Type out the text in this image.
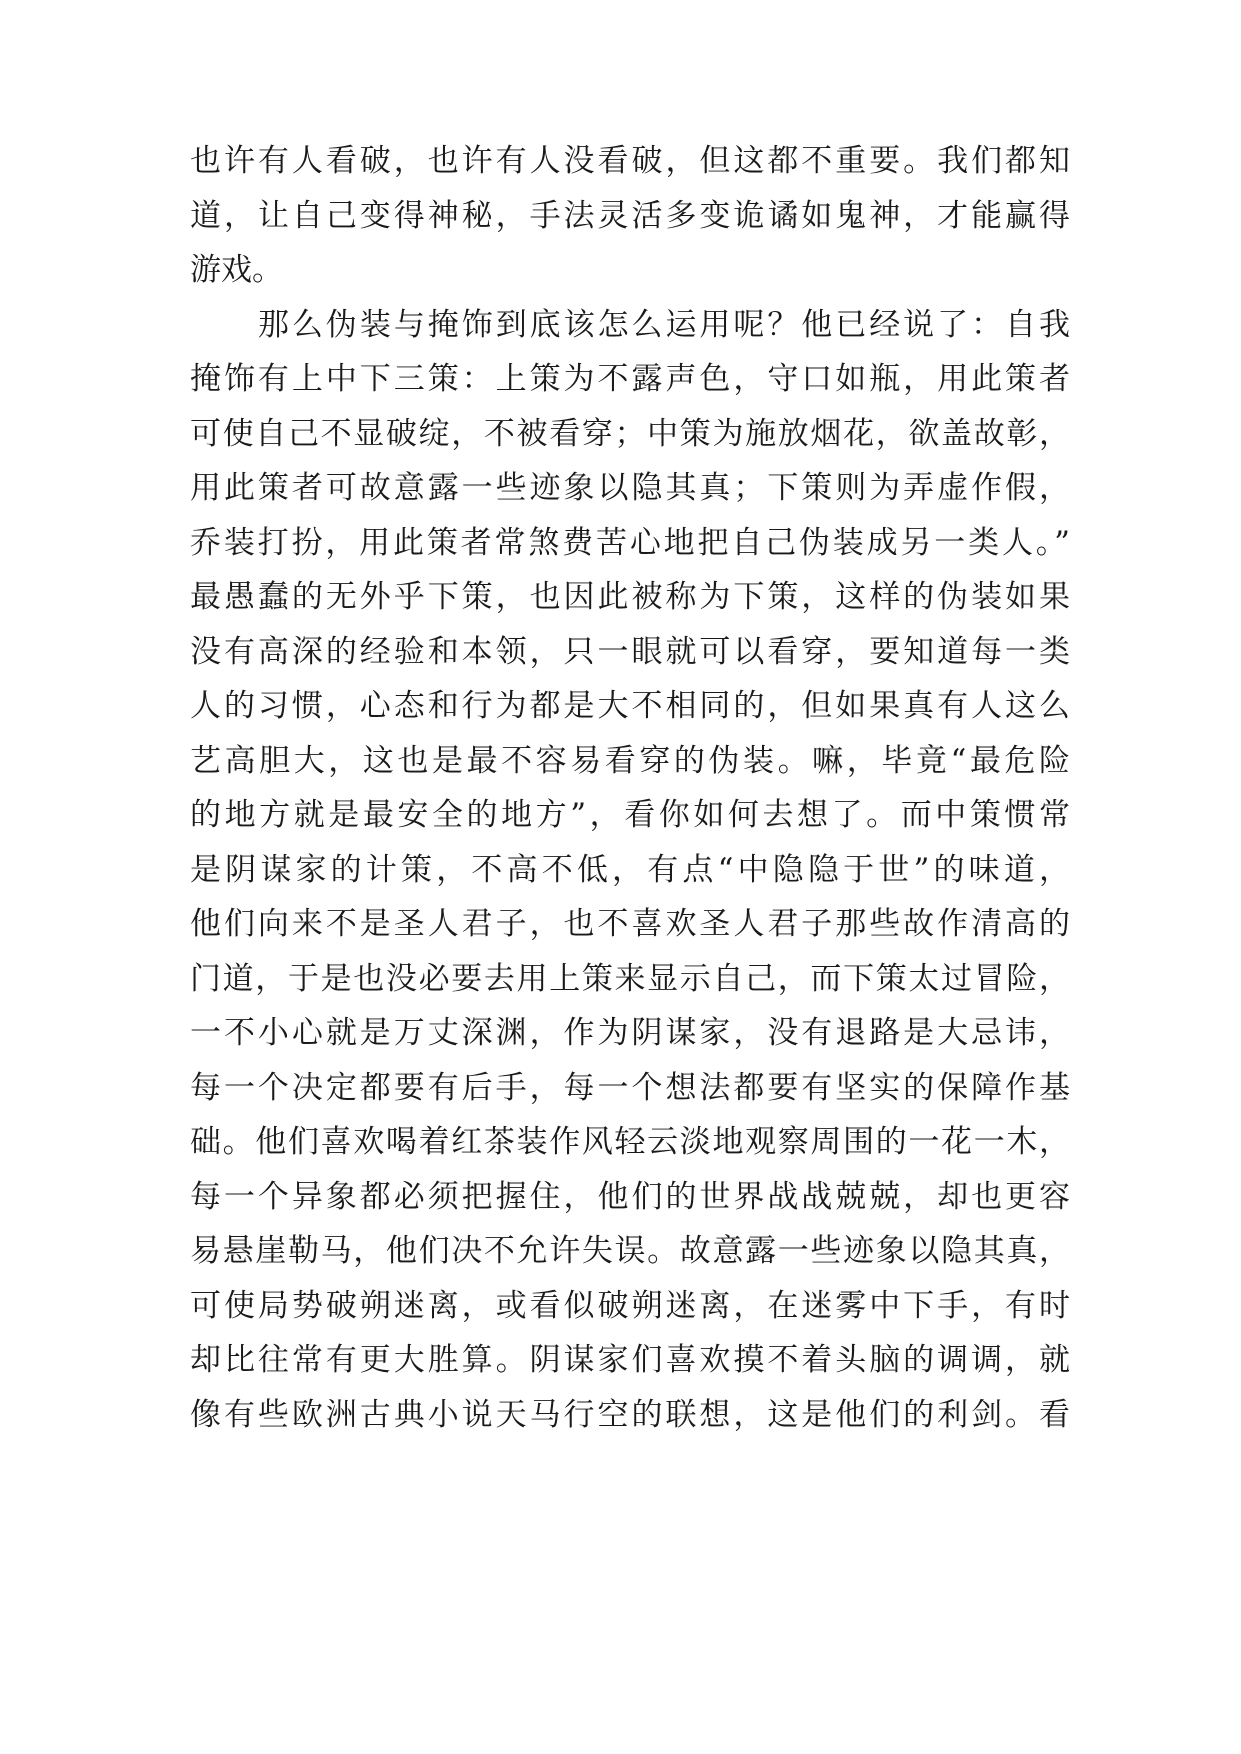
也许有人看破，也许有人没看破，但这都不重要。我们都知
道，让自己变得神秘，手法灵活多变诡谲如鬼神，才能赢得
游戏。
那么伪装与掩饰到底该怎么运用呢？他已经说了：自我
掩饰有上中下三策：上策为不露声色，守口如瓶，用此策者
可使自己不显破绽，不被看穿；中策为施放烟花，欲盖故彰，
用此策者可故意露一些迹象以隐其真；下策则为弄虚作假，
乔装打扮，用此策者常煞费苦心地把自己伪装成另一类人。”
最愚蠢的无外乎下策，也因此被称为下策，这样的伪装如果
没有高深的经验和本领，只一眼就可以看穿，要知道每一类
人的习惯，心态和行为都是大不相同的，但如果真有人这么
艺高胆大，这也是最不容易看穿的伪装。嘛，毕竟“最危险
的地方就是最安全的地方”，看你如何去想了。而中策惯常
是阴谋家的计策，不高不低，有点“中隐隐于世”的味道，
他们向来不是圣人君子，也不喜欢圣人君子那些故作清高的
门道，于是也没必要去用上策来显示自己，而下策太过冒险，
一不小心就是万丈深渊，作为阴谋家，没有退路是大忌讳，
每一个决定都要有后手，每一个想法都要有坚实的保障作基
础。他们喜欢喝着红茶装作风轻云淡地观察周围的一花一木，
每一个异象都必须把握住，他们的世界战战兢兢，却也更容
易悬崖勒马，他们决不允许失误。故意露一些迹象以隐其真，
可使局势破朔迷离，或看似破朔迷离，在迷雾中下手，有时
却比往常有更大胜算。阴谋家们喜欢摸不着头脑的调调，就
像有些欧洲古典小说天马行空的联想，这是他们的利剑。看
